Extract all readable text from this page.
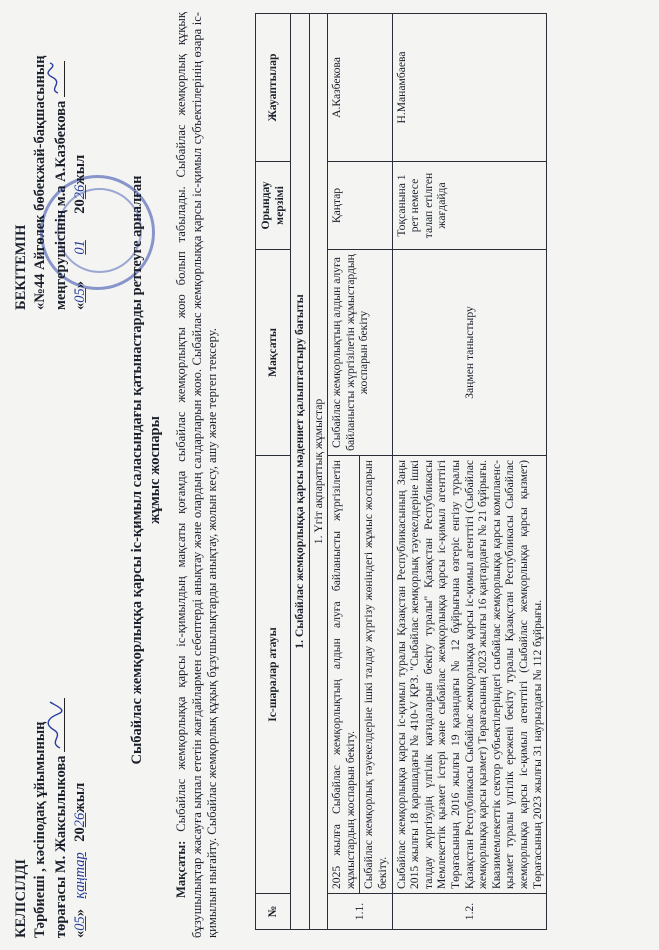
КЕЛІСІЛДІ Тәрбиешi , кәсiподақ ұйымының төрағасы М. Жаксылыкова
«05» қаңтар 2026жыл
БЕКІТЕМІН «№44 Айгөлек бөбекжай-бақшасының меңгерушісінің м.а А.Казбекова
«05» 01 2026жыл
Сыбайлас жемқорлыққа қарсы іс-қимыл саласындағы қатынастарды реттеуге арналған жұмыс жоспары
Мақсаты: Сыбайлас жемқорлыққа қарсы іс-қимылдың мақсаты қоғамда сыбайлас жемқорлықты жою болып табылады. Сыбайлас жемқорлық құқық бұзушылықтар жасауға ықпал ететін жағдайлармен себептерді анықтау және олардың салдарларын жою. Сыбайлас жемқорлыққа қарсы іс-қимыл субъектілерінің өзара іс-қимылын нығайту. Сыбайлас жемқорлық құқық бұзушылықтарды анықтау, жолын кесу, ашу және тергеп тексеру.	№	Іс-шаралар атауы	Мақсаты	Орындау мерзімі	Жауаптылар
1. Сыбайлас жемқорлыққа қарсы мәдениет қалыптастыру бағыты				
1. Үгіт ақпараттық жұмыстар				
1.1.	2025 жылға Сыбайлас жемқорлықтың алдын алуға байланысты жүргізілетін жұмыстардың жоспарын бекіту.	Сыбайлас жемқорлықтың алдын алуға байланысты жүргізілетін жұмыстардың жоспарын бекіту	Қаңтар	А.Казбекова
	Сыбайлас жемқорлық тәуекелдеріне ішкі талдау жүргізу жөніндегі жұмыс жоспарын бекіту.			
1.2.	Сыбайлас жемқорлыққа қарсы іс-қимыл туралы Қазақстан Республикасының Заңы 2015 жылғы 18 қарашадағы № 410-V ҚРЗ. "Сыбайлас жемқорлық тәуекелдеріне ішкі талдау жүргізудің үлгілік қағидаларын бекіту туралы" Қазақстан Республикасы Мемлекеттік қызмет істері және сыбайлас жемқорлыққа қарсы іс-қимыл агенттігі Төрағасының 2016 жылғы 19 қазандағы № 12 бұйрығына өзгеріс енгізу туралы Қазақстан Республикасы Сыбайлас жемқорлыққа қарсы іс-қимыл агенттігі (Сыбайлас жемқорлыққа қарсы қызмет) Төрағасының 2023 жылғы 16 қаңтардағы № 21 бұйрығы. Квазимемлекеттік сектор субъектілеріндегі сыбайлас жемқорлыққа қарсы комплаенс-қызмет туралы үлгілік ережені бекіту туралы Қазақстан Республикасы Сыбайлас жемқорлыққа қарсы іс-қимыл агенттігі (Сыбайлас жемқорлыққа қарсы қызмет) Төрағасының 2023 жылғы 31 наурыздағы № 112 бұйрығы.	Заңмен таныстыру	Тоқсанына 1 рет немесе талап етілген жағдайда	Н.Манамбаева
